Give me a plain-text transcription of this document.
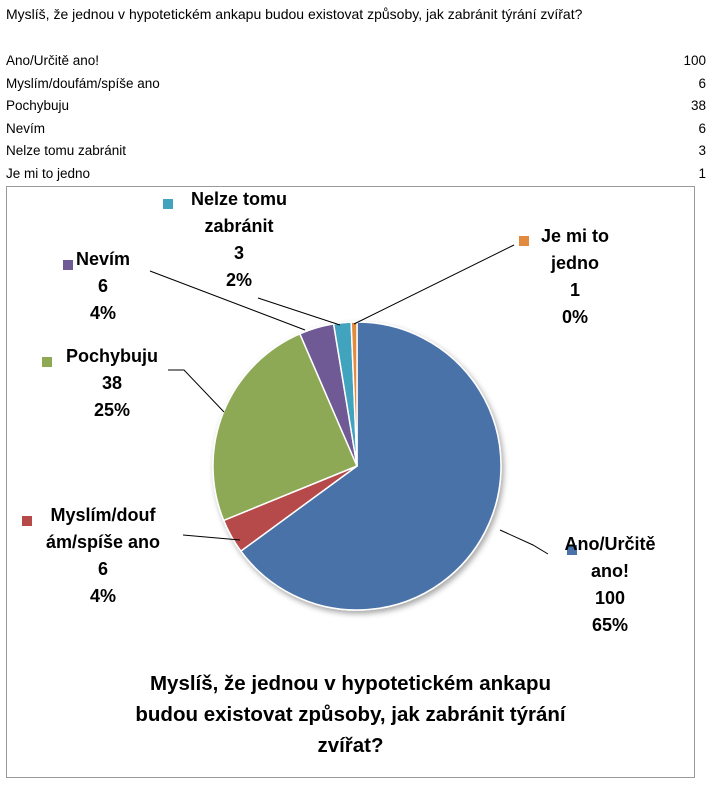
Myslíš, že jednou v hypotetickém ankapu budou existovat způsoby, jak zabránit týrání zvířat?
Ano/Určitě ano!	100
Myslím/doufám/spíše ano	6
Pochybuju	38
Nevím	6
Nelze tomu zabránit	3
Je mi to jedno	1
Ano/Určitě
ano!
100
65%
Myslím/douf
ám/spíše ano
6
4%
Pochybuju
38
25%
Nevím
6
4%
Nelze tomu
zabránit
3
2%
Je mi to
jedno
1
0%
Myslíš, že jednou v hypotetickém ankapu
budou existovat způsoby, jak zabránit týrání
zvířat?
